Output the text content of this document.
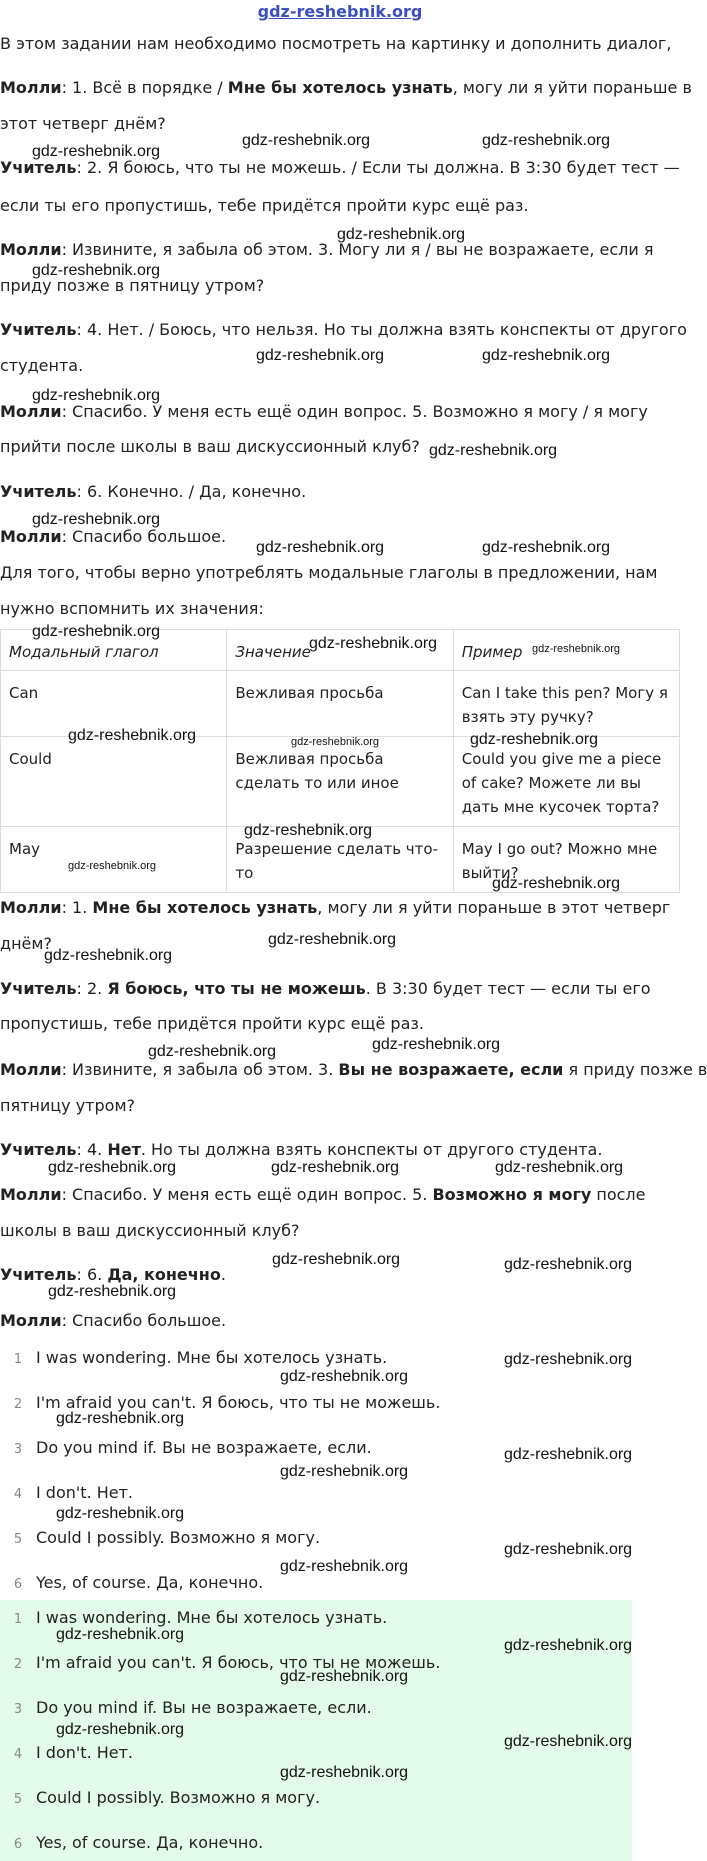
gdz-reshebnik.org
В этом задании нам необходимо посмотреть на картинку и дополнить диалог,
Молли: 1. Всё в порядке / Мне бы хотелось узнать, могу ли я уйти пораньше в
этот четверг днём?
Учитель: 2. Я боюсь, что ты не можешь. / Если ты должна. В 3:30 будет тест —
если ты его пропустишь, тебе придётся пройти курс ещё раз.
Молли: Извините, я забыла об этом. 3. Могу ли я / вы не возражаете, если я
приду позже в пятницу утром?
Учитель: 4. Нет. / Боюсь, что нельзя. Но ты должна взять конспекты от другого
студента.
Молли: Спасибо. У меня есть ещё один вопрос. 5. Возможно я могу / я могу
прийти после школы в ваш дискуссионный клуб?
Учитель: 6. Конечно. / Да, конечно.
Молли: Спасибо большое.
Для того, чтобы верно употреблять модальные глаголы в предложении, нам
нужно вспомнить их значения:
Модальный глагол	Значение	Пример
Can	Вежливая просьба	Can I take this pen? Могу я взять эту ручку?
Could	Вежливая просьба сделать то или иное	Could you give me a piece of cake? Можете ли вы дать мне кусочек торта?
May	Разрешение сделать что-то	May I go out? Можно мне выйти?
Молли: 1. Мне бы хотелось узнать, могу ли я уйти пораньше в этот четверг
днём?
Учитель: 2. Я боюсь, что ты не можешь. В 3:30 будет тест — если ты его
пропустишь, тебе придётся пройти курс ещё раз.
Молли: Извините, я забыла об этом. 3. Вы не возражаете, если я приду позже в
пятницу утром?
Учитель: 4. Нет. Но ты должна взять конспекты от другого студента.
Молли: Спасибо. У меня есть ещё один вопрос. 5. Возможно я могу после
школы в ваш дискуссионный клуб?
Учитель: 6. Да, конечно.
Молли: Спасибо большое.
1 I was wondering. Мне бы хотелось узнать.
2 I'm afraid you can't. Я боюсь, что ты не можешь.
3 Do you mind if. Вы не возражаете, если.
4 I don't. Нет.
5 Could I possibly. Возможно я могу.
6 Yes, of course. Да, конечно.
1 I was wondering. Мне бы хотелось узнать.
2 I'm afraid you can't. Я боюсь, что ты не можешь.
3 Do you mind if. Вы не возражаете, если.
4 I don't. Нет.
5 Could I possibly. Возможно я могу.
6 Yes, of course. Да, конечно.
gdz-reshebnik.org	gdz-reshebnik.org
gdz-reshebnik.org
gdz-reshebnik.org
gdz-reshebnik.org
gdz-reshebnik.org	gdz-reshebnik.org
gdz-reshebnik.org
gdz-reshebnik.org
gdz-reshebnik.org
gdz-reshebnik.org	gdz-reshebnik.org
gdz-reshebnik.org
gdz-reshebnik.org	gdz-reshebnik.org
gdz-reshebnik.org	gdz-reshebnik.org	gdz-reshebnik.org
gdz-reshebnik.org
gdz-reshebnik.org
gdz-reshebnik.org
gdz-reshebnik.org
gdz-reshebnik.org
gdz-reshebnik.org
gdz-reshebnik.org
gdz-reshebnik.org	gdz-reshebnik.org	gdz-reshebnik.org
gdz-reshebnik.org	gdz-reshebnik.org
gdz-reshebnik.org
gdz-reshebnik.org
gdz-reshebnik.org
gdz-reshebnik.org
gdz-reshebnik.org
gdz-reshebnik.org
gdz-reshebnik.org
gdz-reshebnik.org
gdz-reshebnik.org
gdz-reshebnik.org
gdz-reshebnik.org
gdz-reshebnik.org
gdz-reshebnik.org
gdz-reshebnik.org
gdz-reshebnik.org
